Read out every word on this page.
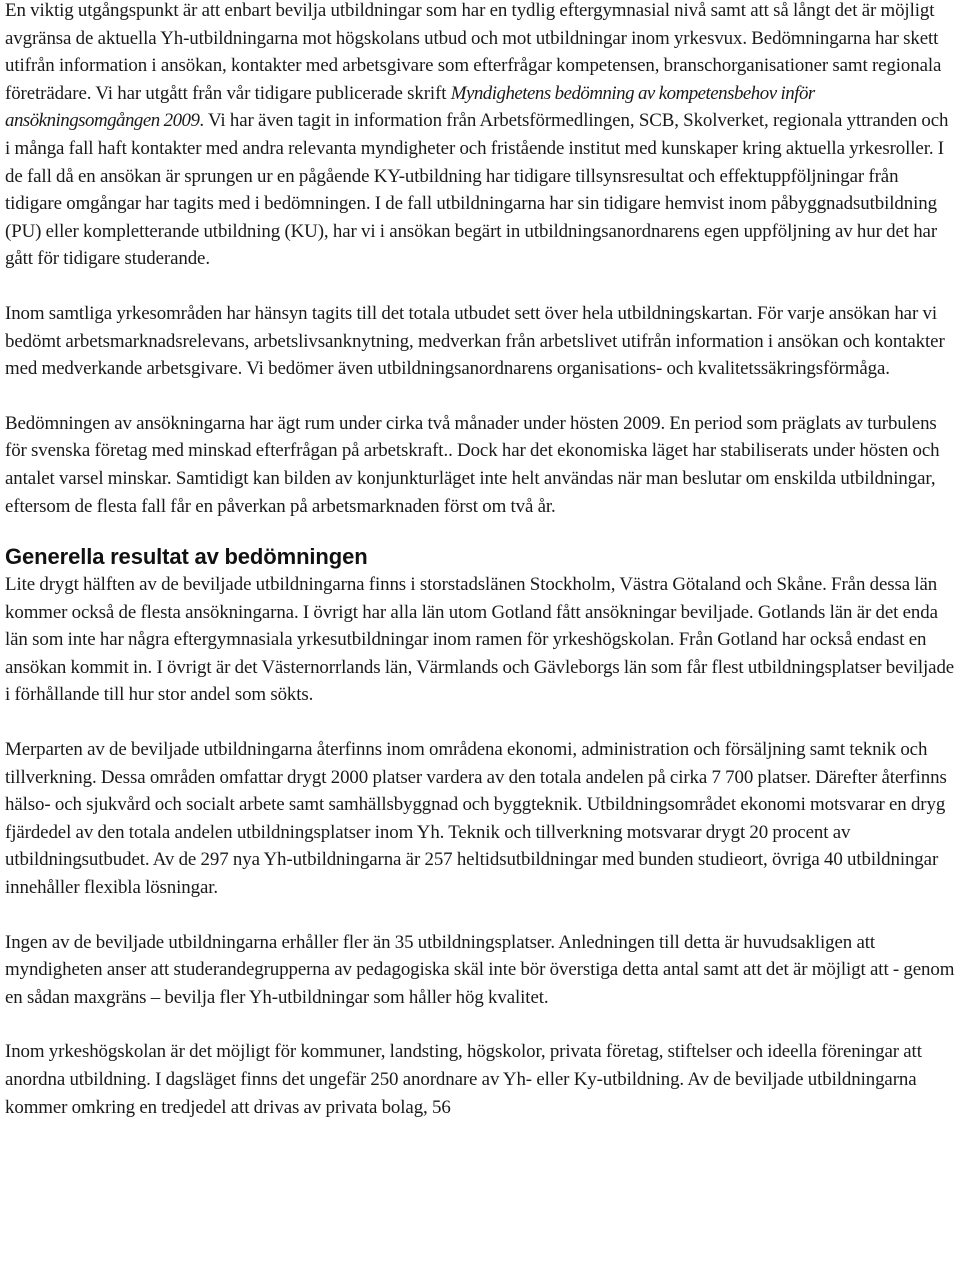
En viktig utgångspunkt är att enbart bevilja utbildningar som har en tydlig eftergymnasial nivå samt att så långt det är möjligt avgränsa de aktuella Yh-utbildningarna mot högskolans utbud och mot utbildningar inom yrkesvux. Bedömningarna har skett utifrån information i ansökan, kontakter med arbetsgivare som efterfrågar kompetensen, branschorganisationer samt regionala företrädare. Vi har utgått från vår tidigare publicerade skrift Myndighetens bedömning av kompetensbehov inför ansökningsomgången 2009. Vi har även tagit in information från Arbetsförmedlingen, SCB, Skolverket, regionala yttranden och i många fall haft kontakter med andra relevanta myndigheter och fristående institut med kunskaper kring aktuella yrkesroller. I de fall då en ansökan är sprungen ur en pågående KY-utbildning har tidigare tillsynsresultat och effektuppföljningar från tidigare omgångar har tagits med i bedömningen. I de fall utbildningarna har sin tidigare hemvist inom påbyggnadsutbildning (PU) eller kompletterande utbildning (KU), har vi i ansökan begärt in utbildningsanordnarens egen uppföljning av hur det har gått för tidigare studerande.

Inom samtliga yrkesområden har hänsyn tagits till det totala utbudet sett över hela utbildningskartan. För varje ansökan har vi bedömt arbetsmarknadsrelevans, arbetslivsanknytning, medverkan från arbetslivet utifrån information i ansökan och kontakter med medverkande arbetsgivare. Vi bedömer även utbildningsanordnarens organisations- och kvalitetssäkringsförmåga.

Bedömningen av ansökningarna har ägt rum under cirka två månader under hösten 2009. En period som präglats av turbulens för svenska företag med minskad efterfrågan på arbetskraft.. Dock har det ekonomiska läget har stabiliserats under hösten och antalet varsel minskar. Samtidigt kan bilden av konjunkturläget inte helt användas när man beslutar om enskilda utbildningar, eftersom de flesta fall får en påverkan på arbetsmarknaden först om två år.

Generella resultat av bedömningen

Lite drygt hälften av de beviljade utbildningarna finns i storstadslänen Stockholm, Västra Götaland och Skåne. Från dessa län kommer också de flesta ansökningarna. I övrigt har alla län utom Gotland fått ansökningar beviljade. Gotlands län är det enda län som inte har några eftergymnasiala yrkesutbildningar inom ramen för yrkeshögskolan. Från Gotland har också endast en ansökan kommit in. I övrigt är det Västernorrlands län, Värmlands och Gävleborgs län som får flest utbildningsplatser beviljade i förhållande till hur stor andel som sökts.

Merparten av de beviljade utbildningarna återfinns inom områdena ekonomi, administration och försäljning samt teknik och tillverkning. Dessa områden omfattar drygt 2000 platser vardera av den totala andelen på cirka 7 700 platser. Därefter återfinns hälso- och sjukvård och socialt arbete samt samhällsbyggnad och byggteknik. Utbildningsområdet ekonomi motsvarar en dryg fjärdedel av den totala andelen utbildningsplatser inom Yh. Teknik och tillverkning motsvarar drygt 20 procent av utbildningsutbudet. Av de 297 nya Yh-utbildningarna är 257 heltidsutbildningar med bunden studieort, övriga 40 utbildningar innehåller flexibla lösningar.

Ingen av de beviljade utbildningarna erhåller fler än 35 utbildningsplatser. Anledningen till detta är huvudsakligen att myndigheten anser att studerandegrupperna av pedagogiska skäl inte bör överstiga detta antal samt att det är möjligt att - genom en sådan maxgräns – bevilja fler Yh-utbildningar som håller hög kvalitet.

Inom yrkeshögskolan är det möjligt för kommuner, landsting, högskolor, privata företag, stiftelser och ideella föreningar att anordna utbildning. I dagsläget finns det ungefär 250 anordnare av Yh- eller Ky-utbildning. Av de beviljade utbildningarna kommer omkring en tredjedel att drivas av privata bolag, 56
